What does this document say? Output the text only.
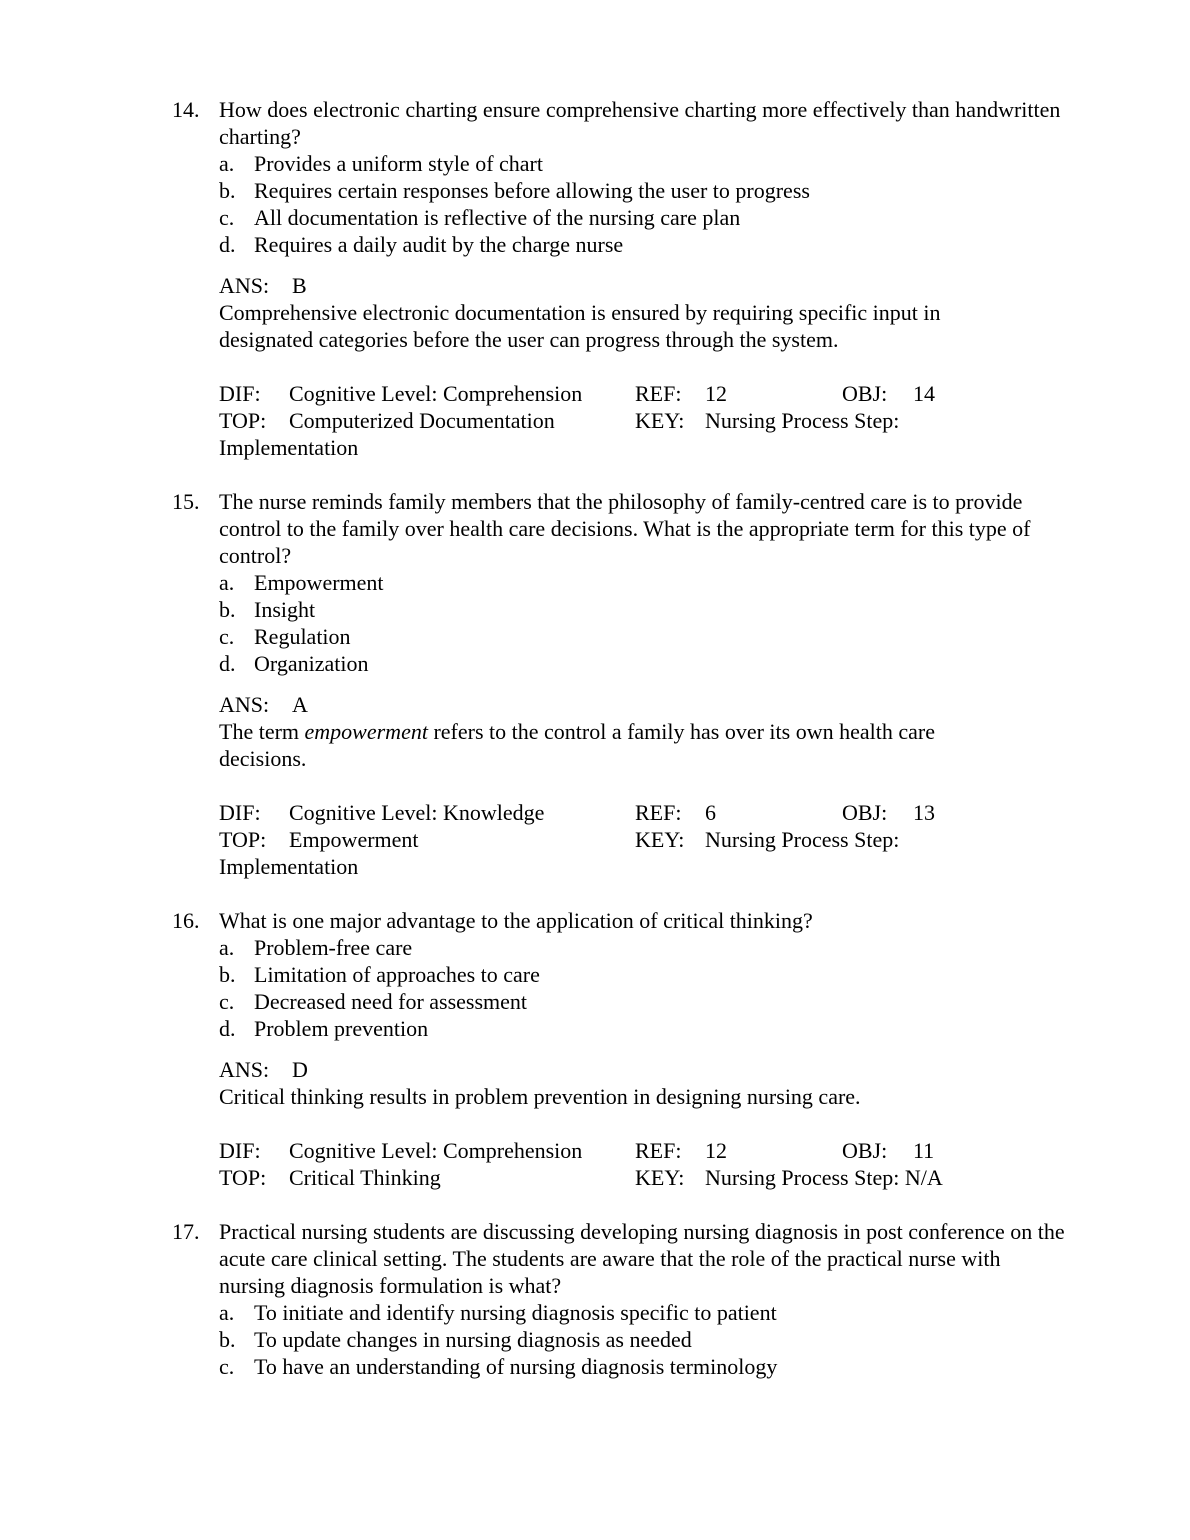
14. How does electronic charting ensure comprehensive charting more effectively than handwritten charting?

a. Provides a uniform style of chart
b. Requires certain responses before allowing the user to progress
c. All documentation is reflective of the nursing care plan
d. Requires a daily audit by the charge nurse

ANS: B

Comprehensive electronic documentation is ensured by requiring specific input in designated categories before the user can progress through the system.

DIF: Cognitive Level: Comprehension REF: 12	OBJ: 14
TOP: Computerized Documentation	KEY: Nursing Process Step:

Implementation

15. The nurse reminds family members that the philosophy of family-centred care is to provide control to the family over health care decisions. What is the appropriate term for this type of control?

a. Empowerment
b. Insight
c. Regulation
d. Organization

ANS: A

The term empowerment refers to the control a family has over its own health care decisions.

DIF: Cognitive Level: Knowledge	REF: 6	OBJ: 13
TOP: Empowerment	KEY: Nursing Process Step:

Implementation

16. What is one major advantage to the application of critical thinking?

a. Problem-free care
b. Limitation of approaches to care
c. Decreased need for assessment
d. Problem prevention

ANS: D

Critical thinking results in problem prevention in designing nursing care.

DIF: Cognitive Level: Comprehension REF: 12	OBJ: 11
TOP: Critical Thinking	KEY: Nursing Process Step: N/A
17. Practical nursing students are discussing developing nursing diagnosis in post conference on the acute care clinical setting. The students are aware that the role of the practical nurse with nursing diagnosis formulation is what?

a. To initiate and identify nursing diagnosis specific to patient
b. To update changes in nursing diagnosis as needed
c. To have an understanding of nursing diagnosis terminology
